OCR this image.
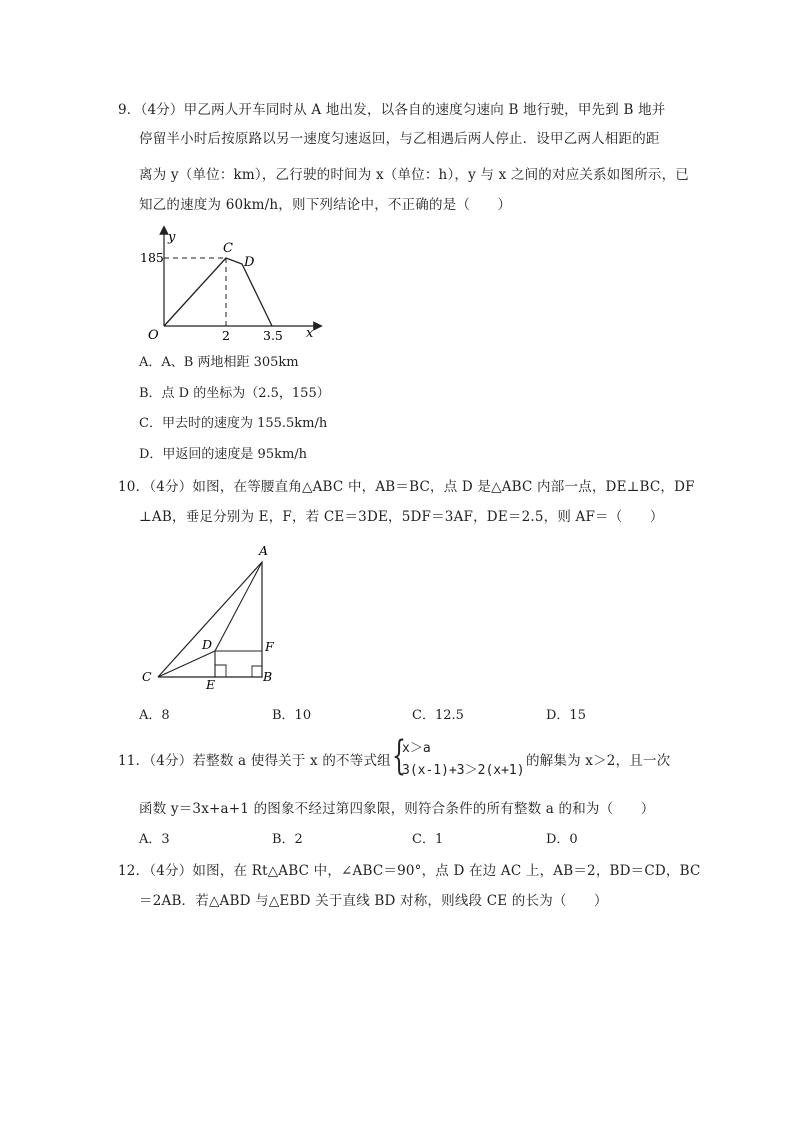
9．（4分）甲乙两人开车同时从 A 地出发，以各自的速度匀速向 B 地行驶，甲先到 B 地并
停留半小时后按原路以另一速度匀速返回，与乙相遇后两人停止．设甲乙两人相距的距
离为 y（单位：km），乙行驶的时间为 x（单位：h），y 与 x 之间的对应关系如图所示，已
知乙的速度为 60km/h，则下列结论中，不正确的是（　　）
y
x
O
185
2	3.5
C
D
A．A、B 两地相距 305km
B．点 D 的坐标为（2.5，155）
C．甲去时的速度为 155.5km/h
D．甲返回的速度是 95km/h
10．（4分）如图，在等腰直角△ABC 中，AB＝BC，点 D 是△ABC 内部一点，DE⊥BC，DF
⊥AB，垂足分别为 E，F，若 CE＝3DE，5DF＝3AF，DE＝2.5，则 AF＝（　　）
A
C	B
D	F
E
A．8	B．10	C．12.5	D．15
11．（4分）若整数 a 使得关于 x 的不等式组 {
x＞a
3(x-1)+3＞2(x+1)
的解集为 x＞2，且一次
函数 y＝3x+a+1 的图象不经过第四象限，则符合条件的所有整数 a 的和为（　　）
A．3	B．2	C．1	D．0
12．（4分）如图，在 Rt△ABC 中，∠ABC＝90°，点 D 在边 AC 上，AB＝2，BD＝CD，BC
＝2AB．若△ABD 与△EBD 关于直线 BD 对称，则线段 CE 的长为（　　）
